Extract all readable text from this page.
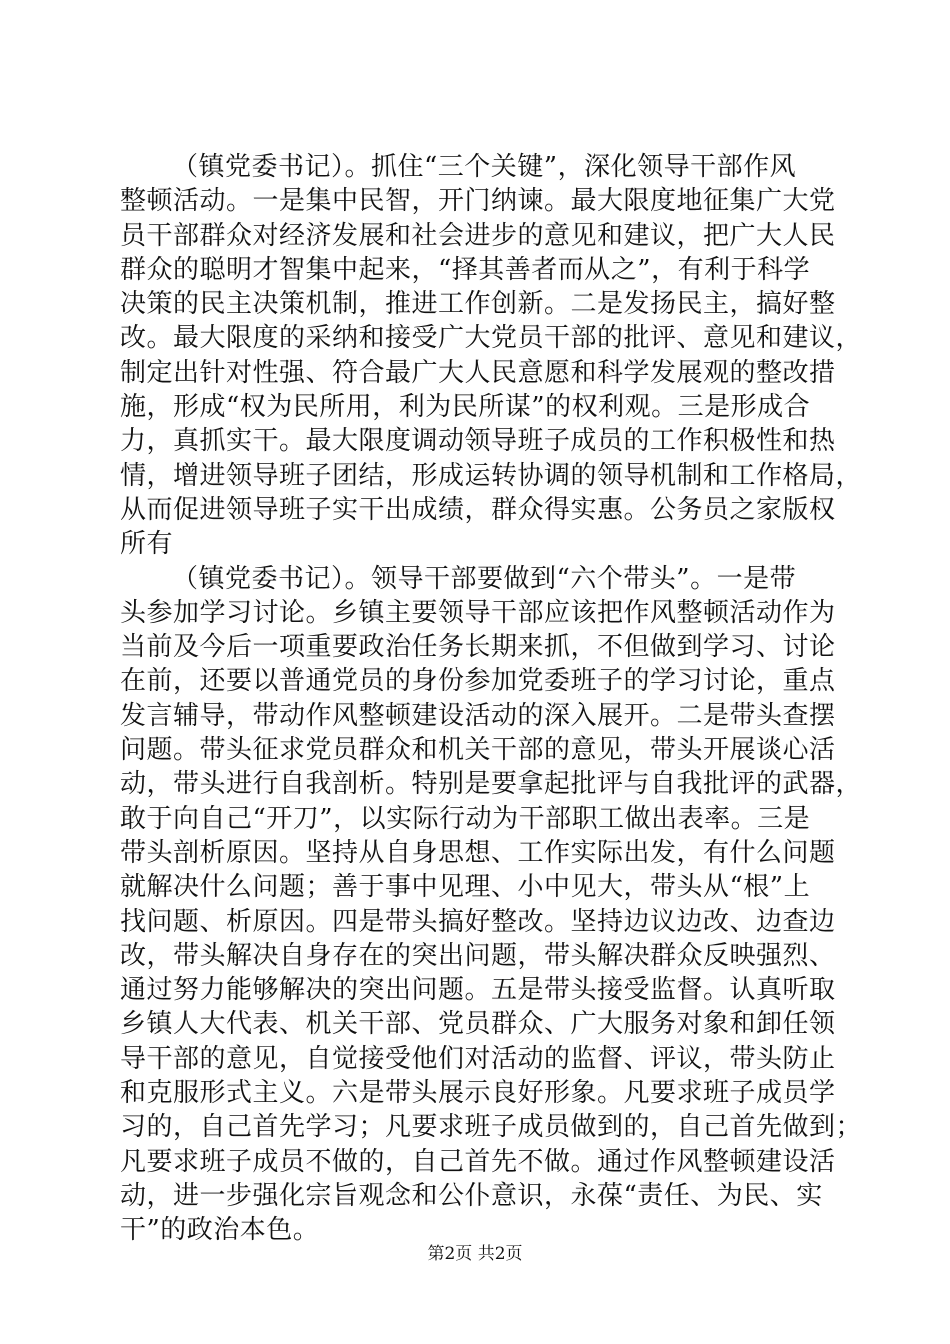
（镇党委书记）。抓住“三个关键”，深化领导干部作风
整顿活动。一是集中民智，开门纳谏。最大限度地征集广大党
员干部群众对经济发展和社会进步的意见和建议，把广大人民
群众的聪明才智集中起来，“择其善者而从之”，有利于科学
决策的民主决策机制，推进工作创新。二是发扬民主，搞好整
改。最大限度的采纳和接受广大党员干部的批评、意见和建议，
制定出针对性强、符合最广大人民意愿和科学发展观的整改措
施，形成“权为民所用，利为民所谋”的权利观。三是形成合
力，真抓实干。最大限度调动领导班子成员的工作积极性和热
情，增进领导班子团结，形成运转协调的领导机制和工作格局，
从而促进领导班子实干出成绩，群众得实惠。公务员之家版权
所有
（镇党委书记）。领导干部要做到“六个带头”。一是带
头参加学习讨论。乡镇主要领导干部应该把作风整顿活动作为
当前及今后一项重要政治任务长期来抓，不但做到学习、讨论
在前，还要以普通党员的身份参加党委班子的学习讨论，重点
发言辅导，带动作风整顿建设活动的深入展开。二是带头查摆
问题。带头征求党员群众和机关干部的意见，带头开展谈心活
动，带头进行自我剖析。特别是要拿起批评与自我批评的武器，
敢于向自己“开刀”，以实际行动为干部职工做出表率。三是
带头剖析原因。坚持从自身思想、工作实际出发，有什么问题
就解决什么问题；善于事中见理、小中见大，带头从“根”上
找问题、析原因。四是带头搞好整改。坚持边议边改、边查边
改，带头解决自身存在的突出问题，带头解决群众反映强烈、
通过努力能够解决的突出问题。五是带头接受监督。认真听取
乡镇人大代表、机关干部、党员群众、广大服务对象和卸任领
导干部的意见，自觉接受他们对活动的监督、评议，带头防止
和克服形式主义。六是带头展示良好形象。凡要求班子成员学
习的，自己首先学习；凡要求班子成员做到的，自己首先做到；
凡要求班子成员不做的，自己首先不做。通过作风整顿建设活
动，进一步强化宗旨观念和公仆意识，永葆“责任、为民、实
干”的政治本色。
第2页 共2页
